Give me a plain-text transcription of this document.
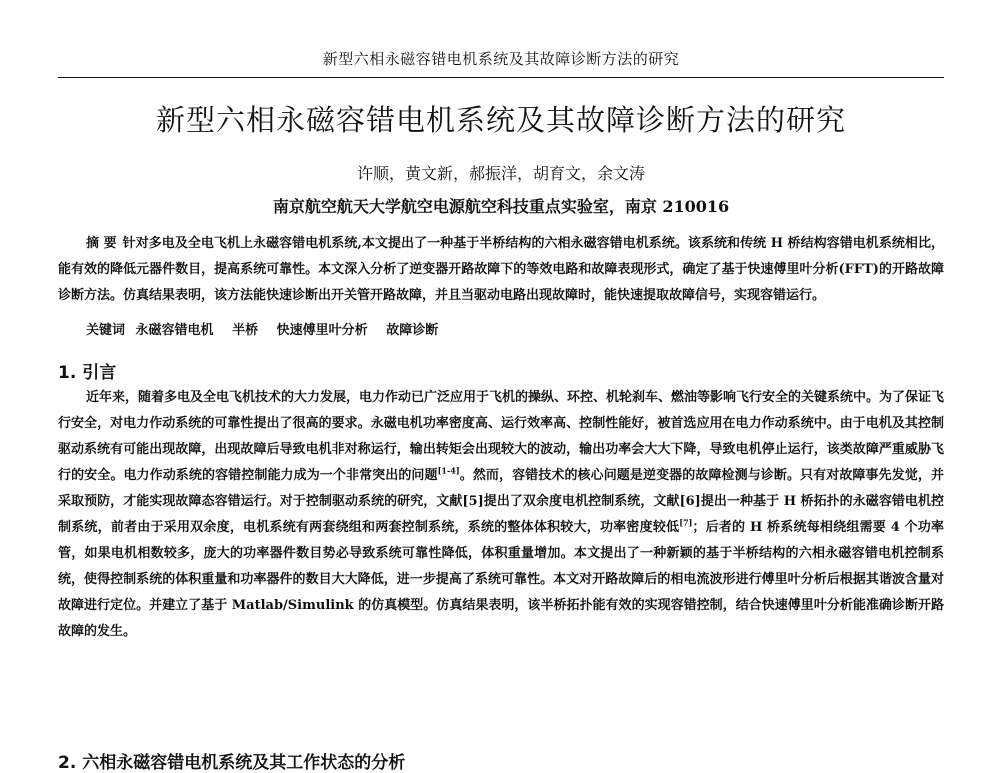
新型六相永磁容错电机系统及其故障诊断方法的研究
新型六相永磁容错电机系统及其故障诊断方法的研究
许顺，黄文新，郝振洋，胡育文，余文涛
南京航空航天大学航空电源航空科技重点实验室，南京 210016
摘 要 针对多电及全电飞机上永磁容错电机系统,本文提出了一种基于半桥结构的六相永磁容错电机系统。该系统和传统 H 桥结构容错电机系统相比，能有效的降低元器件数目，提高系统可靠性。本文深入分析了逆变器开路故障下的等效电路和故障表现形式，确定了基于快速傅里叶分析(FFT)的开路故障诊断方法。仿真结果表明，该方法能快速诊断出开关管开路故障，并且当驱动电路出现故障时，能快速提取故障信号，实现容错运行。
关键词 永磁容错电机 半桥 快速傅里叶分析 故障诊断
1. 引言
近年来，随着多电及全电飞机技术的大力发展，电力作动已广泛应用于飞机的操纵、环控、机轮刹车、燃油等影响飞行安全的关键系统中。为了保证飞行安全，对电力作动系统的可靠性提出了很高的要求。永磁电机功率密度高、运行效率高、控制性能好，被首选应用在电力作动系统中。由于电机及其控制驱动系统有可能出现故障，出现故障后导致电机非对称运行，输出转矩会出现较大的波动，输出功率会大大下降，导致电机停止运行，该类故障严重威胁飞行的安全。电力作动系统的容错控制能力成为一个非常突出的问题[1-4]。然而，容错技术的核心问题是逆变器的故障检测与诊断。只有对故障事先发觉，并采取预防，才能实现故障态容错运行。对于控制驱动系统的研究，文献[5]提出了双余度电机控制系统，文献[6]提出一种基于 H 桥拓扑的永磁容错电机控制系统，前者由于采用双余度，电机系统有两套绕组和两套控制系统，系统的整体体积较大，功率密度较低[7]；后者的 H 桥系统每相绕组需要 4 个功率管，如果电机相数较多，庞大的功率器件数目势必导致系统可靠性降低，体积重量增加。本文提出了一种新颖的基于半桥结构的六相永磁容错电机控制系统，使得控制系统的体积重量和功率器件的数目大大降低，进一步提高了系统可靠性。本文对开路故障后的相电流波形进行傅里叶分析后根据其谐波含量对故障进行定位。并建立了基于 Matlab/Simulink 的仿真模型。仿真结果表明，该半桥拓扑能有效的实现容错控制，结合快速傅里叶分析能准确诊断开路故障的发生。
2. 六相永磁容错电机系统及其工作状态的分析
